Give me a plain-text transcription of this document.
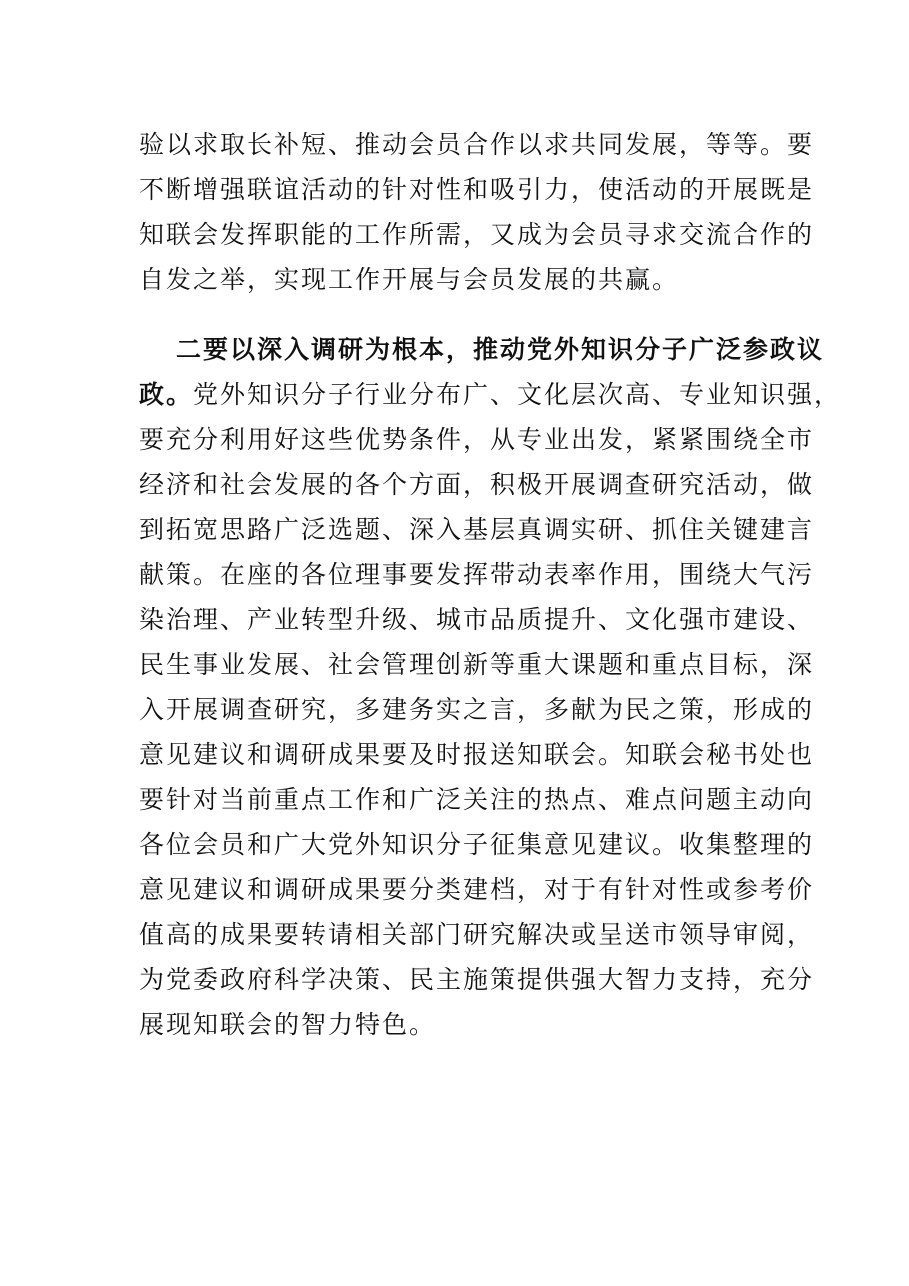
验以求取长补短、推动会员合作以求共同发展，等等。要
不断增强联谊活动的针对性和吸引力，使活动的开展既是
知联会发挥职能的工作所需，又成为会员寻求交流合作的
自发之举，实现工作开展与会员发展的共赢。
二要以深入调研为根本，推动党外知识分子广泛参政议
政。党外知识分子行业分布广、文化层次高、专业知识强，
要充分利用好这些优势条件，从专业出发，紧紧围绕全市
经济和社会发展的各个方面，积极开展调查研究活动，做
到拓宽思路广泛选题、深入基层真调实研、抓住关键建言
献策。在座的各位理事要发挥带动表率作用，围绕大气污
染治理、产业转型升级、城市品质提升、文化强市建设、
民生事业发展、社会管理创新等重大课题和重点目标，深
入开展调查研究，多建务实之言，多献为民之策，形成的
意见建议和调研成果要及时报送知联会。知联会秘书处也
要针对当前重点工作和广泛关注的热点、难点问题主动向
各位会员和广大党外知识分子征集意见建议。收集整理的
意见建议和调研成果要分类建档，对于有针对性或参考价
值高的成果要转请相关部门研究解决或呈送市领导审阅，
为党委政府科学决策、民主施策提供强大智力支持，充分
展现知联会的智力特色。
